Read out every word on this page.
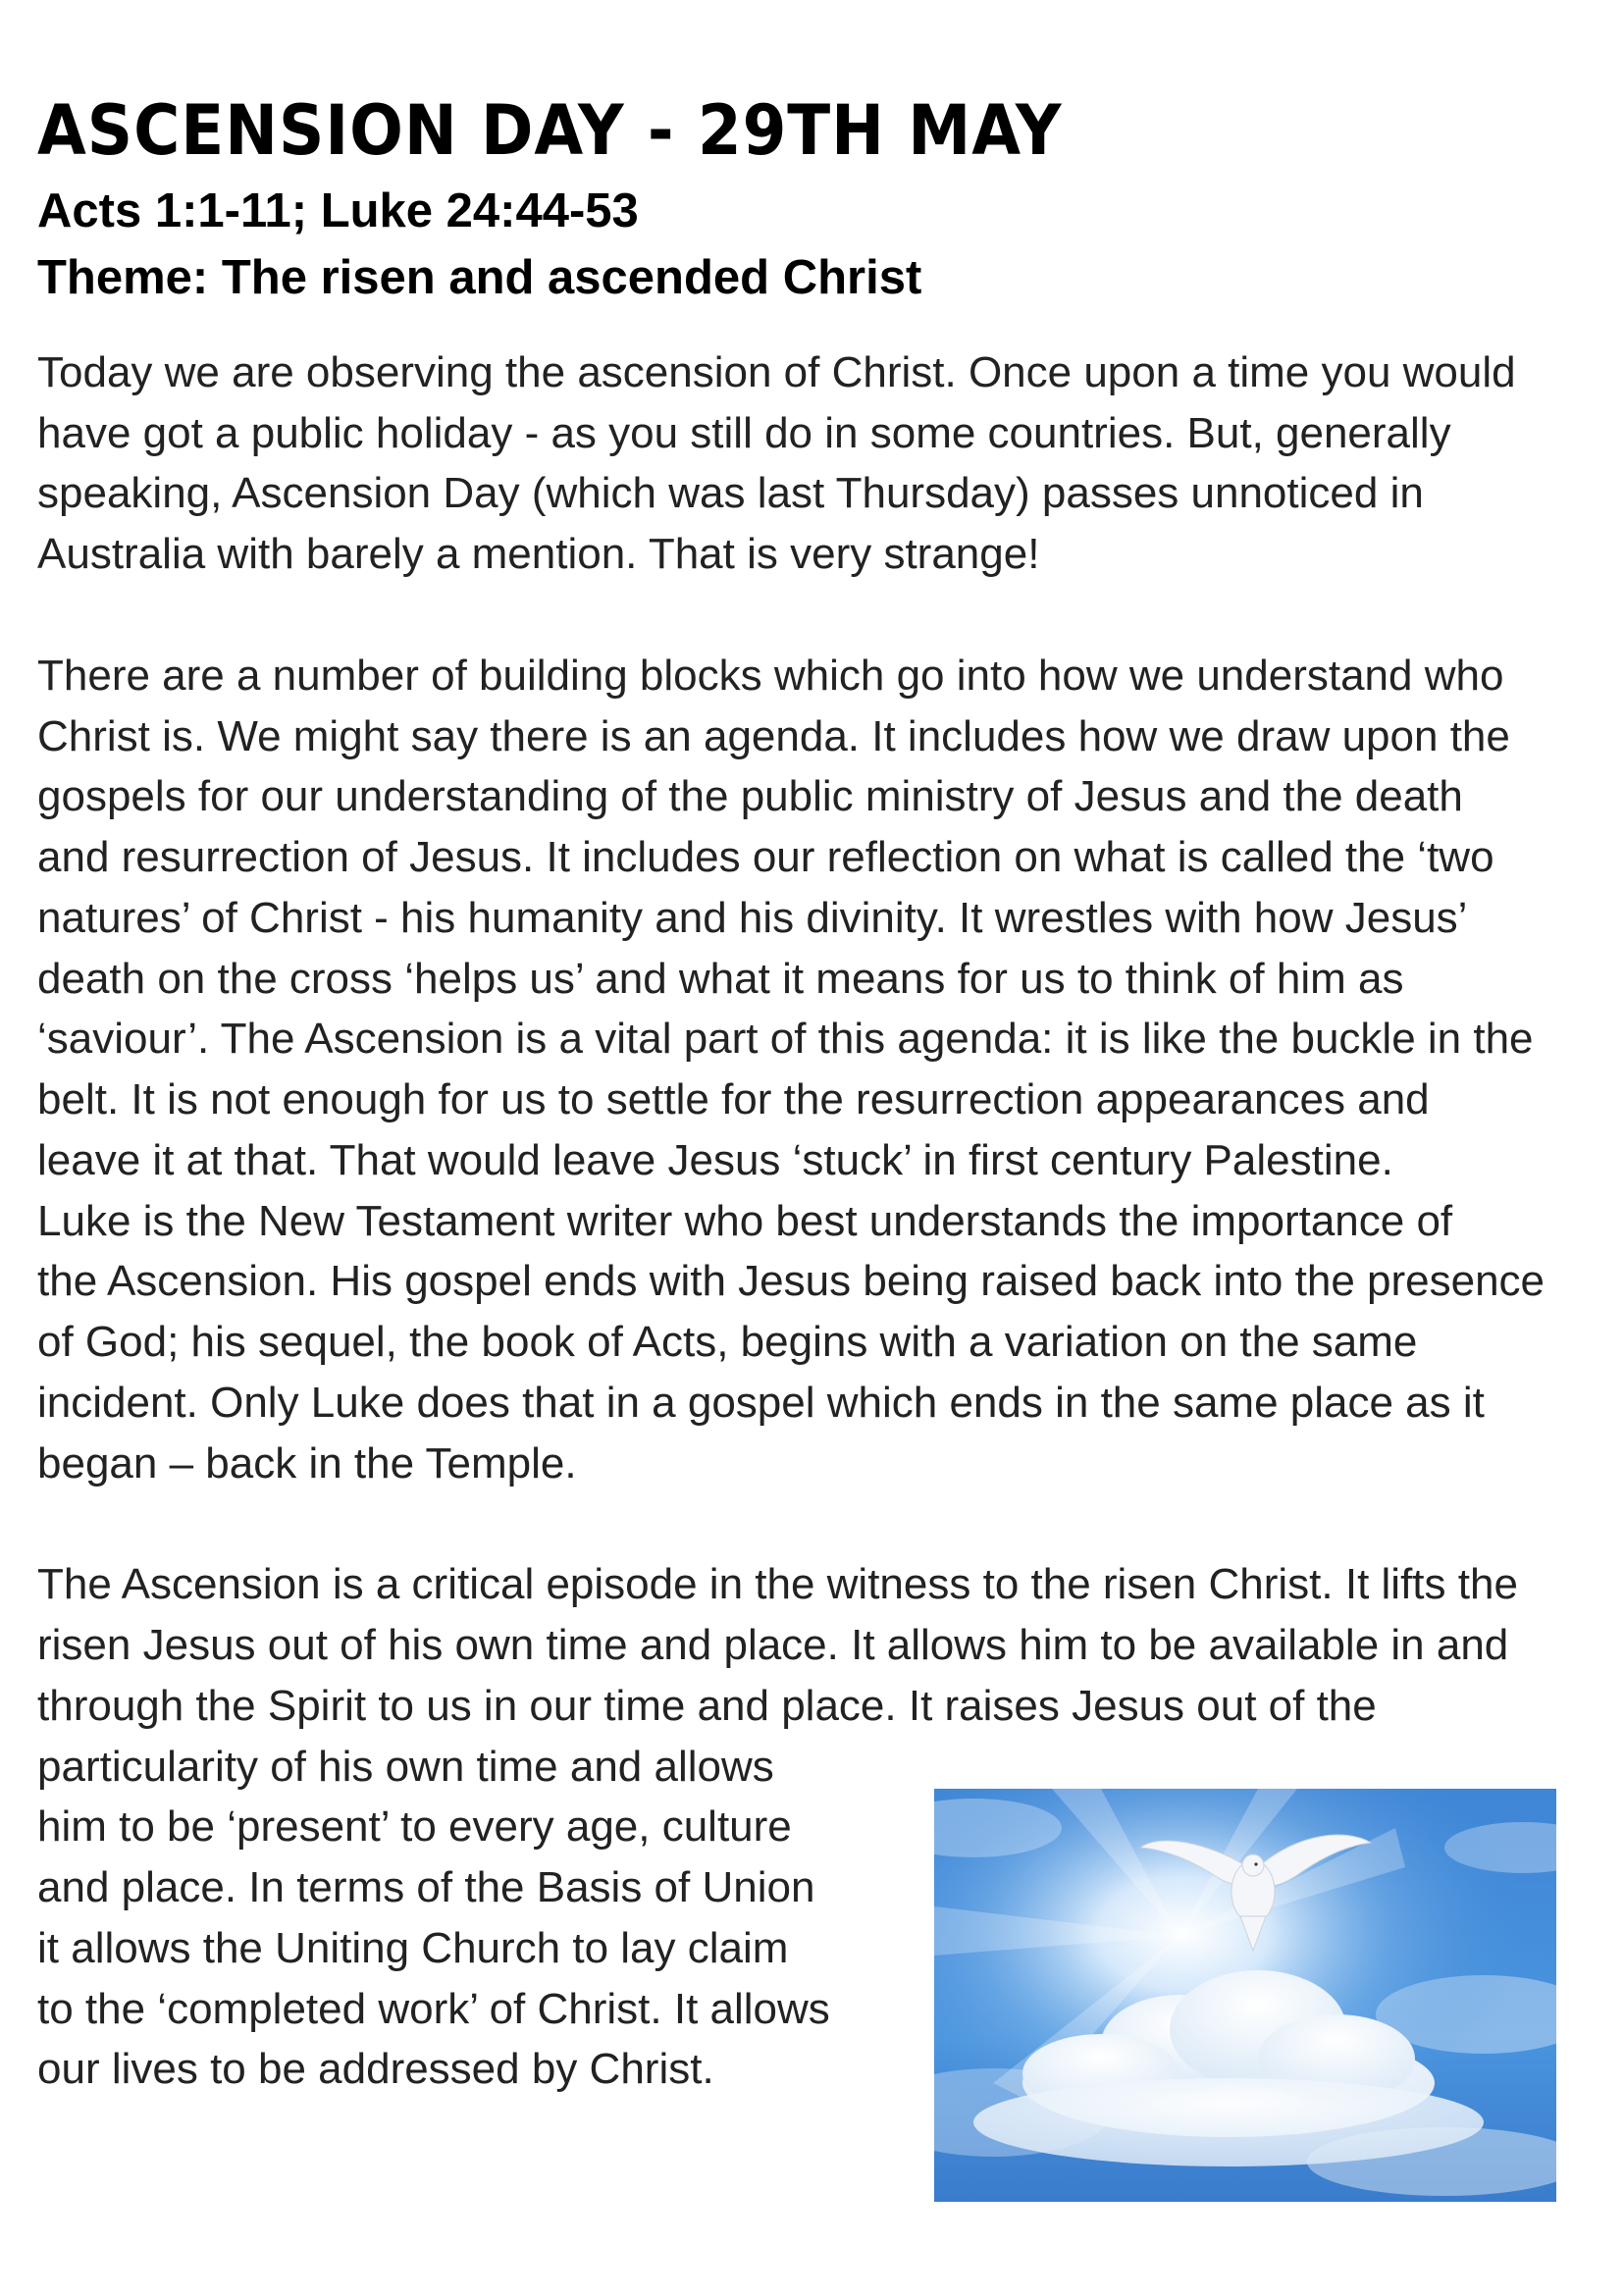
ASCENSION DAY - 29TH MAY
Acts 1:1-11; Luke 24:44-53
Theme: The risen and ascended Christ
Today we are observing the ascension of Christ. Once upon a time you would
have got a public holiday - as you still do in some countries. But, generally
speaking, Ascension Day (which was last Thursday) passes unnoticed in
Australia with barely a mention. That is very strange!
There are a number of building blocks which go into how we understand who
Christ is. We might say there is an agenda. It includes how we draw upon the
gospels for our understanding of the public ministry of Jesus and the death
and resurrection of Jesus. It includes our reflection on what is called the ‘two
natures’ of Christ - his humanity and his divinity. It wrestles with how Jesus’
death on the cross ‘helps us’ and what it means for us to think of him as
‘saviour’. The Ascension is a vital part of this agenda: it is like the buckle in the
belt. It is not enough for us to settle for the resurrection appearances and
leave it at that. That would leave Jesus ‘stuck’ in first century Palestine.
Luke is the New Testament writer who best understands the importance of
the Ascension. His gospel ends with Jesus being raised back into the presence
of God; his sequel, the book of Acts, begins with a variation on the same
incident. Only Luke does that in a gospel which ends in the same place as it
began – back in the Temple.
The Ascension is a critical episode in the witness to the risen Christ. It lifts the
risen Jesus out of his own time and place. It allows him to be available in and
through the Spirit to us in our time and place. It raises Jesus out of the
particularity of his own time and allows
him to be ‘present’ to every age, culture
and place. In terms of the Basis of Union
it allows the Uniting Church to lay claim
to the ‘completed work’ of Christ. It allows
our lives to be addressed by Christ.
